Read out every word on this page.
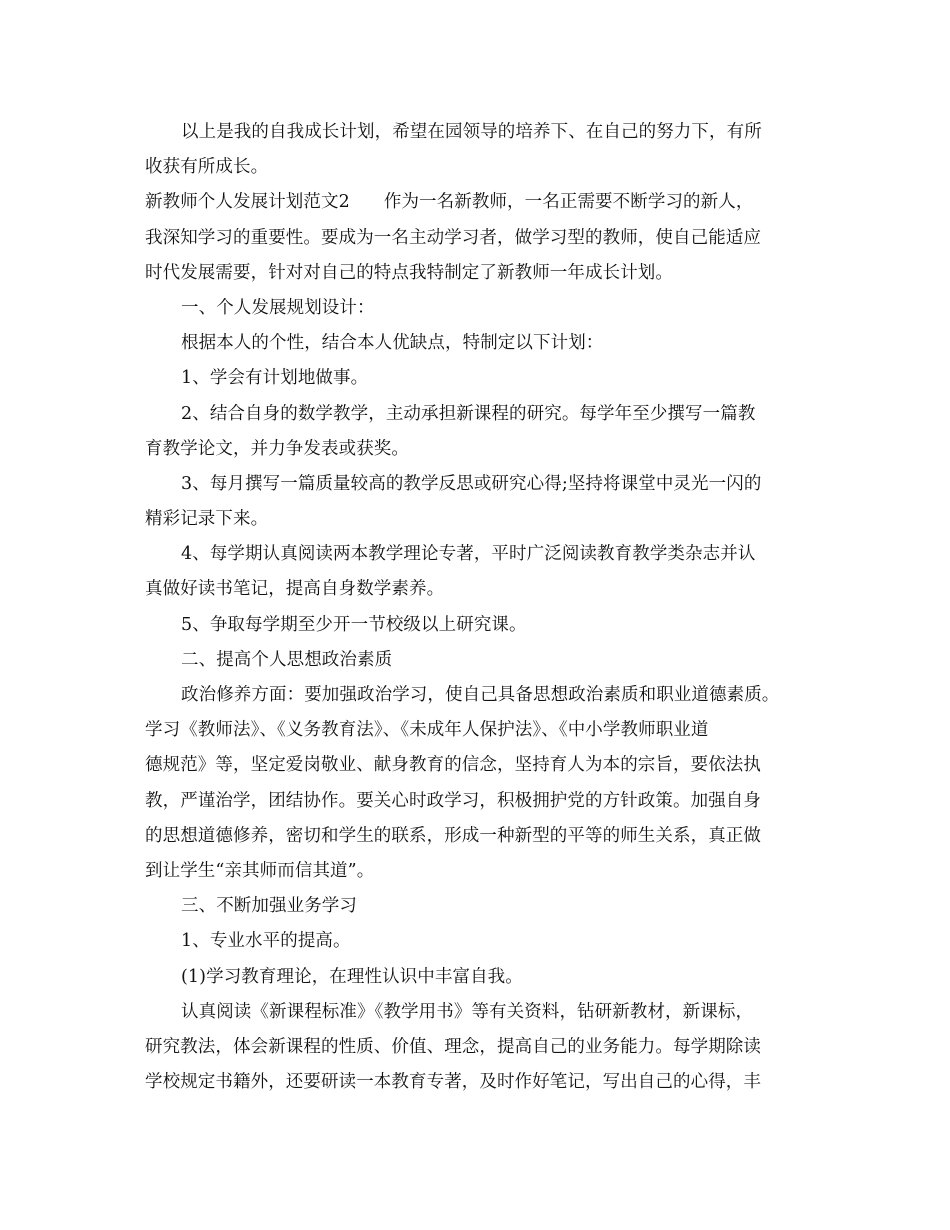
以上是我的自我成长计划，希望在园领导的培养下、在自己的努力下，有所
收获有所成长。
新教师个人发展计划范文2 作为一名新教师，一名正需要不断学习的新人，
我深知学习的重要性。要成为一名主动学习者，做学习型的教师，使自己能适应
时代发展需要，针对对自己的特点我特制定了新教师一年成长计划。
一、个人发展规划设计：
根据本人的个性，结合本人优缺点，特制定以下计划：
1、学会有计划地做事。
2、结合自身的数学教学，主动承担新课程的研究。每学年至少撰写一篇教
育教学论文，并力争发表或获奖。
3、每月撰写一篇质量较高的教学反思或研究心得;坚持将课堂中灵光一闪的
精彩记录下来。
4、每学期认真阅读两本教学理论专著，平时广泛阅读教育教学类杂志并认
真做好读书笔记，提高自身数学素养。
5、争取每学期至少开一节校级以上研究课。
二、提高个人思想政治素质
政治修养方面：要加强政治学习，使自己具备思想政治素质和职业道德素质。
学习《教师法》、《义务教育法》、《未成年人保护法》、《中小学教师职业道
德规范》等，坚定爱岗敬业、献身教育的信念，坚持育人为本的宗旨，要依法执
教，严谨治学，团结协作。要关心时政学习，积极拥护党的方针政策。加强自身
的思想道德修养，密切和学生的联系，形成一种新型的平等的师生关系，真正做
到让学生“亲其师而信其道”。
三、不断加强业务学习
1、专业水平的提高。
(1)学习教育理论，在理性认识中丰富自我。
认真阅读《新课程标准》《教学用书》等有关资料，钻研新教材，新课标，
研究教法，体会新课程的性质、价值、理念，提高自己的业务能力。每学期除读
学校规定书籍外，还要研读一本教育专著，及时作好笔记，写出自己的心得，丰
